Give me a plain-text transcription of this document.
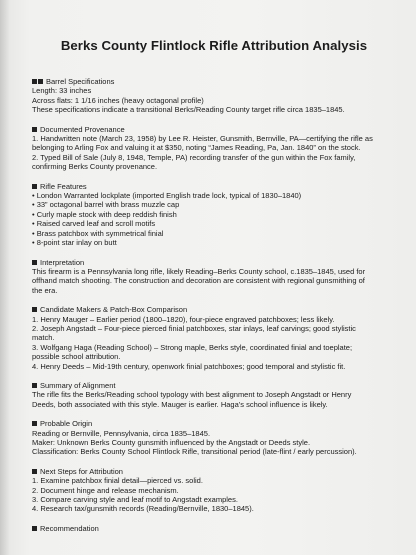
Berks County Flintlock Rifle Attribution Analysis
Barrel Specifications
Length: 33 inches
Across flats: 1 1/16 inches (heavy octagonal profile)
These specifications indicate a transitional Berks/Reading County target rifle circa 1835–1845.
Documented Provenance
1. Handwritten note (March 23, 1958) by Lee R. Heister, Gunsmith, Bernville, PA—certifying the rifle as
belonging to Arling Fox and valuing it at $350, noting “James Reading, Pa, Jan. 1840” on the stock.
2. Typed Bill of Sale (July 8, 1948, Temple, PA) recording transfer of the gun within the Fox family,
confirming Berks County provenance.
Rifle Features
• London Warranted lockplate (imported English trade lock, typical of 1830–1840)
• 33” octagonal barrel with brass muzzle cap
• Curly maple stock with deep reddish finish
• Raised carved leaf and scroll motifs
• Brass patchbox with symmetrical finial
• 8-point star inlay on butt
Interpretation
This firearm is a Pennsylvania long rifle, likely Reading–Berks County school, c.1835–1845, used for
offhand match shooting. The construction and decoration are consistent with regional gunsmithing of
the era.
Candidate Makers & Patch-Box Comparison
1. Henry Mauger – Earlier period (1800–1820), four-piece engraved patchboxes; less likely.
2. Joseph Angstadt – Four-piece pierced finial patchboxes, star inlays, leaf carvings; good stylistic
match.
3. Wolfgang Haga (Reading School) – Strong maple, Berks style, coordinated finial and toeplate;
possible school attribution.
4. Henry Deeds – Mid-19th century, openwork finial patchboxes; good temporal and stylistic fit.
Summary of Alignment
The rifle fits the Berks/Reading school typology with best alignment to Joseph Angstadt or Henry
Deeds, both associated with this style. Mauger is earlier. Haga’s school influence is likely.
Probable Origin
Reading or Bernville, Pennsylvania, circa 1835–1845.
Maker: Unknown Berks County gunsmith influenced by the Angstadt or Deeds style.
Classification: Berks County School Flintlock Rifle, transitional period (late-flint / early percussion).
Next Steps for Attribution
1. Examine patchbox finial detail—pierced vs. solid.
2. Document hinge and release mechanism.
3. Compare carving style and leaf motif to Angstadt examples.
4. Research tax/gunsmith records (Reading/Bernville, 1830–1845).
Recommendation
